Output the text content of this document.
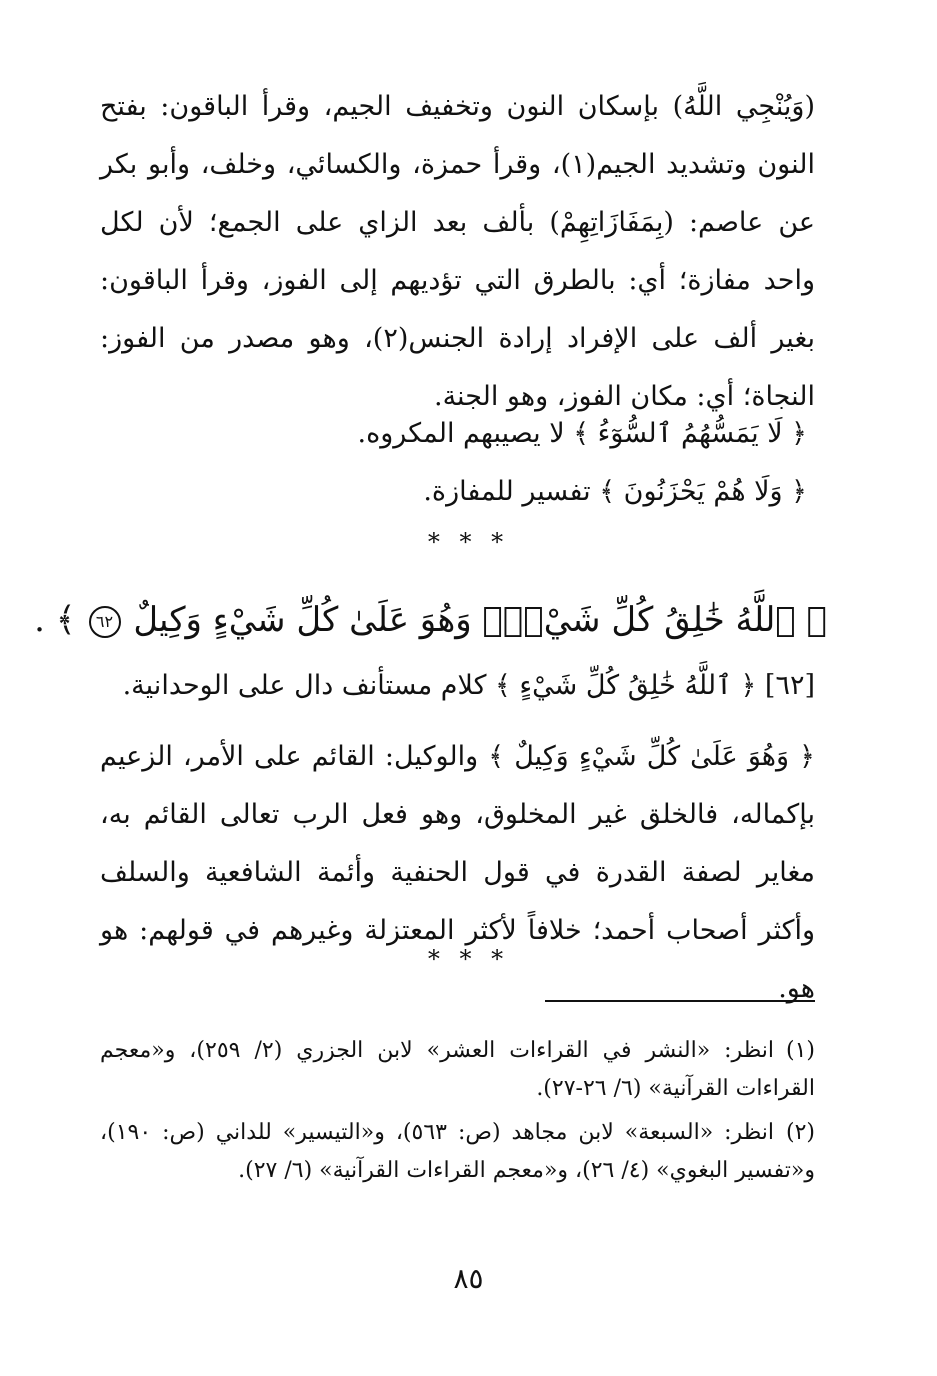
(وَيُنْجِي اللَّهُ) بإسكان النون وتخفيف الجيم، وقرأ الباقون: بفتح النون وتشديد الجيم(١)، وقرأ حمزة، والكسائي، وخلف، وأبو بكر عن عاصم: (بِمَفَازَاتِهِمْ) بألف بعد الزاي على الجمع؛ لأن لكل واحد مفازة؛ أي: بالطرق التي تؤديهم إلى الفوز، وقرأ الباقون: بغير ألف على الإفراد إرادة الجنس(٢)، وهو مصدر من الفوز: النجاة؛ أي: مكان الفوز، وهو الجنة.
﴿ لَا يَمَسُّهُمُ ٱلسُّوٓءُ ﴾ لا يصيبهم المكروه.
﴿ وَلَا هُمْ يَحْزَنُونَ ﴾ تفسير للمفازة.
* * *
﴿ ٱللَّهُ خَٰلِقُ كُلِّ شَيْءٍۖ وَهُوَ عَلَىٰ كُلِّ شَيْءٍ وَكِيلٌ ٦٢ ﴾ .
[٦٢] ﴿ ٱللَّهُ خَٰلِقُ كُلِّ شَيْءٍ ﴾ كلام مستأنف دال على الوحدانية.
﴿ وَهُوَ عَلَىٰ كُلِّ شَيْءٍ وَكِيلٌ ﴾ والوكيل: القائم على الأمر، الزعيم بإكماله، فالخلق غير المخلوق، وهو فعل الرب تعالى القائم به، مغاير لصفة القدرة في قول الحنفية وأئمة الشافعية والسلف وأكثر أصحاب أحمد؛ خلافاً لأكثر المعتزلة وغيرهم في قولهم: هو هو.
* * *
(١)انظر: «النشر في القراءات العشر» لابن الجزري (٢/ ٢٥٩)، و«معجم القراءات القرآنية» (٦/ ٢٦-٢٧).
(٢)انظر: «السبعة» لابن مجاهد (ص: ٥٦٣)، و«التيسير» للداني (ص: ١٩٠)، و«تفسير البغوي» (٤/ ٢٦)، و«معجم القراءات القرآنية» (٦/ ٢٧).
٨٥
